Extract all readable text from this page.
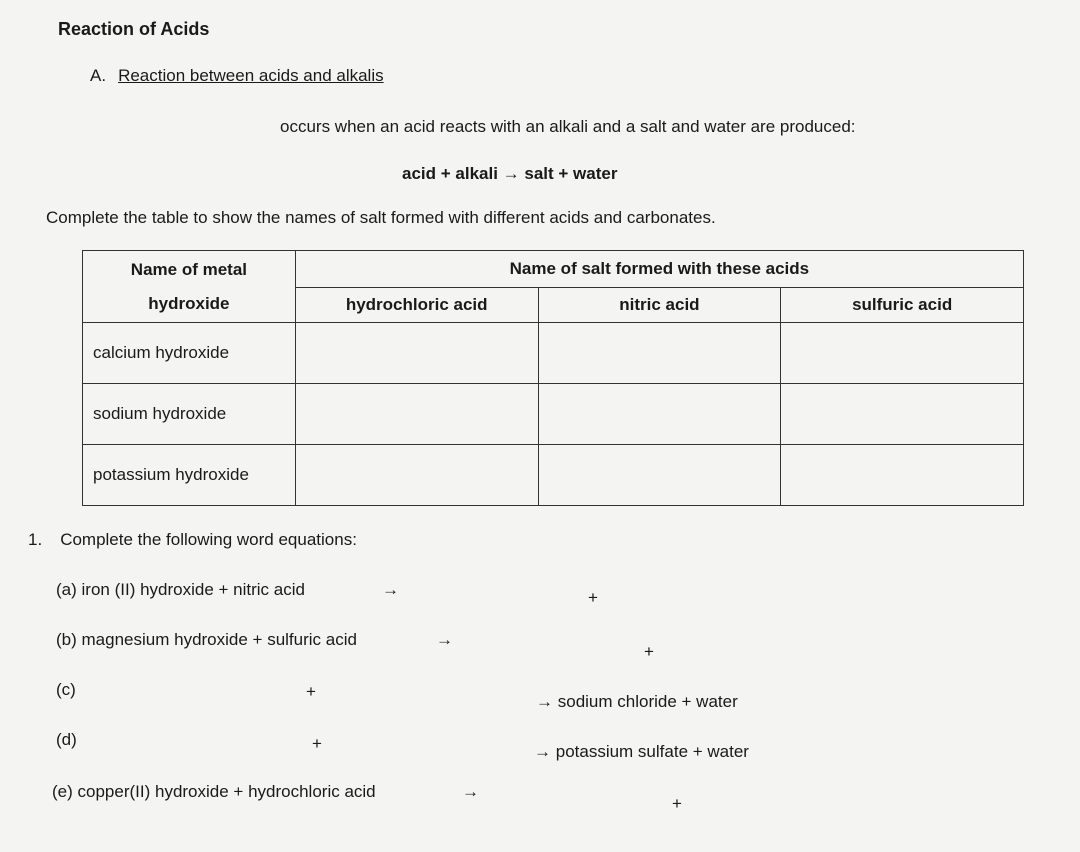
Reaction of Acids
A. Reaction between acids and alkalis
occurs when an acid reacts with an alkali and a salt and water are produced:
acid + alkali → salt + water
Complete the table to show the names of salt formed with different acids and carbonates.
Name of metal
hydroxide	Name of salt formed with these acids		
	hydrochloric acid	nitric acid	sulfuric acid
calcium hydroxide			
sodium hydroxide			
potassium hydroxide			
1. Complete the following word equations:
(a) iron (II) hydroxide + nitric acid	→	+
(b) magnesium hydroxide + sulfuric acid	→
+
(c)	+
→ sodium chloride + water
(d)	+	→ potassium sulfate + water
(e) copper(II) hydroxide + hydrochloric acid	→
+
